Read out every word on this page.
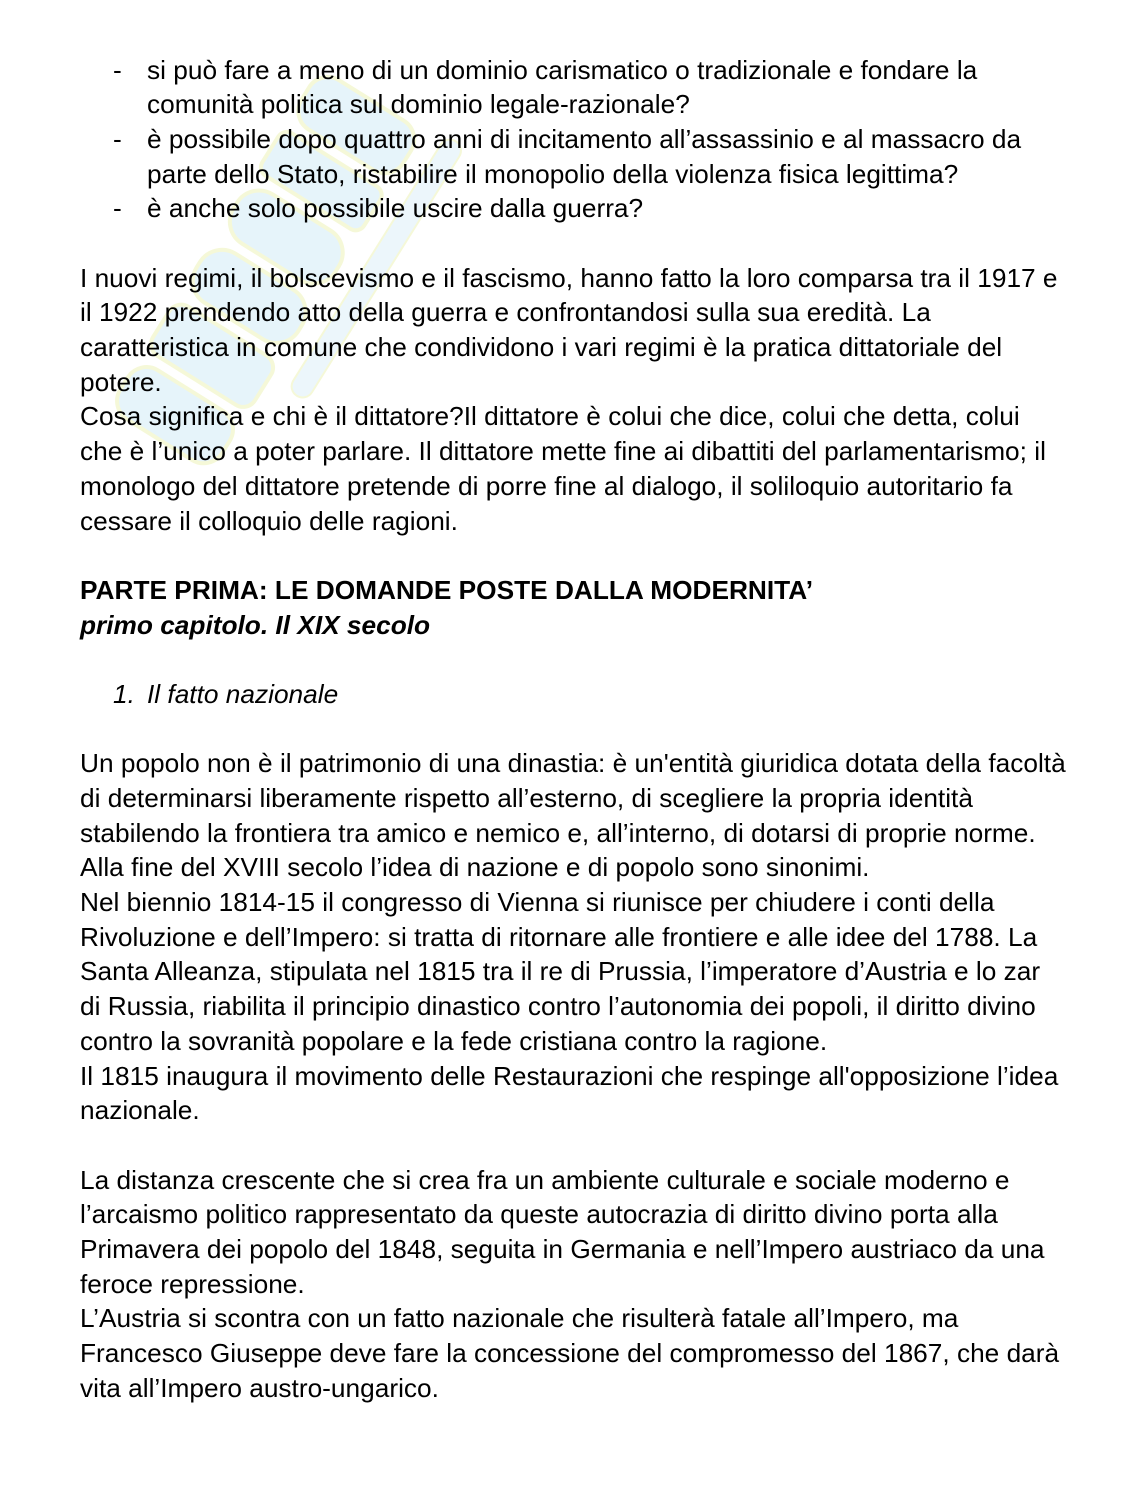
- si può fare a meno di un dominio carismatico o tradizionale e fondare la
comunità politica sul dominio legale-razionale?
- è possibile dopo quattro anni di incitamento all’assassinio e al massacro da
parte dello Stato, ristabilire il monopolio della violenza fisica legittima?
- è anche solo possibile uscire dalla guerra?
I nuovi regimi, il bolscevismo e il fascismo, hanno fatto la loro comparsa tra il 1917 e
il 1922 prendendo atto della guerra e confrontandosi sulla sua eredità. La
caratteristica in comune che condividono i vari regimi è la pratica dittatoriale del
potere.
Cosa significa e chi è il dittatore?Il dittatore è colui che dice, colui che detta, colui
che è l’unico a poter parlare. Il dittatore mette fine ai dibattiti del parlamentarismo; il
monologo del dittatore pretende di porre fine al dialogo, il soliloquio autoritario fa
cessare il colloquio delle ragioni.
PARTE PRIMA: LE DOMANDE POSTE DALLA MODERNITA’
primo capitolo. Il XIX secolo
1. Il fatto nazionale
Un popolo non è il patrimonio di una dinastia: è un'entità giuridica dotata della facoltà
di determinarsi liberamente rispetto all’esterno, di scegliere la propria identità
stabilendo la frontiera tra amico e nemico e, all’interno, di dotarsi di proprie norme.
Alla fine del XVIII secolo l’idea di nazione e di popolo sono sinonimi.
Nel biennio 1814-15 il congresso di Vienna si riunisce per chiudere i conti della
Rivoluzione e dell’Impero: si tratta di ritornare alle frontiere e alle idee del 1788. La
Santa Alleanza, stipulata nel 1815 tra il re di Prussia, l’imperatore d’Austria e lo zar
di Russia, riabilita il principio dinastico contro l’autonomia dei popoli, il diritto divino
contro la sovranità popolare e la fede cristiana contro la ragione.
Il 1815 inaugura il movimento delle Restaurazioni che respinge all'opposizione l’idea
nazionale.
La distanza crescente che si crea fra un ambiente culturale e sociale moderno e
l’arcaismo politico rappresentato da queste autocrazia di diritto divino porta alla
Primavera dei popolo del 1848, seguita in Germania e nell’Impero austriaco da una
feroce repressione.
L’Austria si scontra con un fatto nazionale che risulterà fatale all’Impero, ma
Francesco Giuseppe deve fare la concessione del compromesso del 1867, che darà
vita all’Impero austro-ungarico.
